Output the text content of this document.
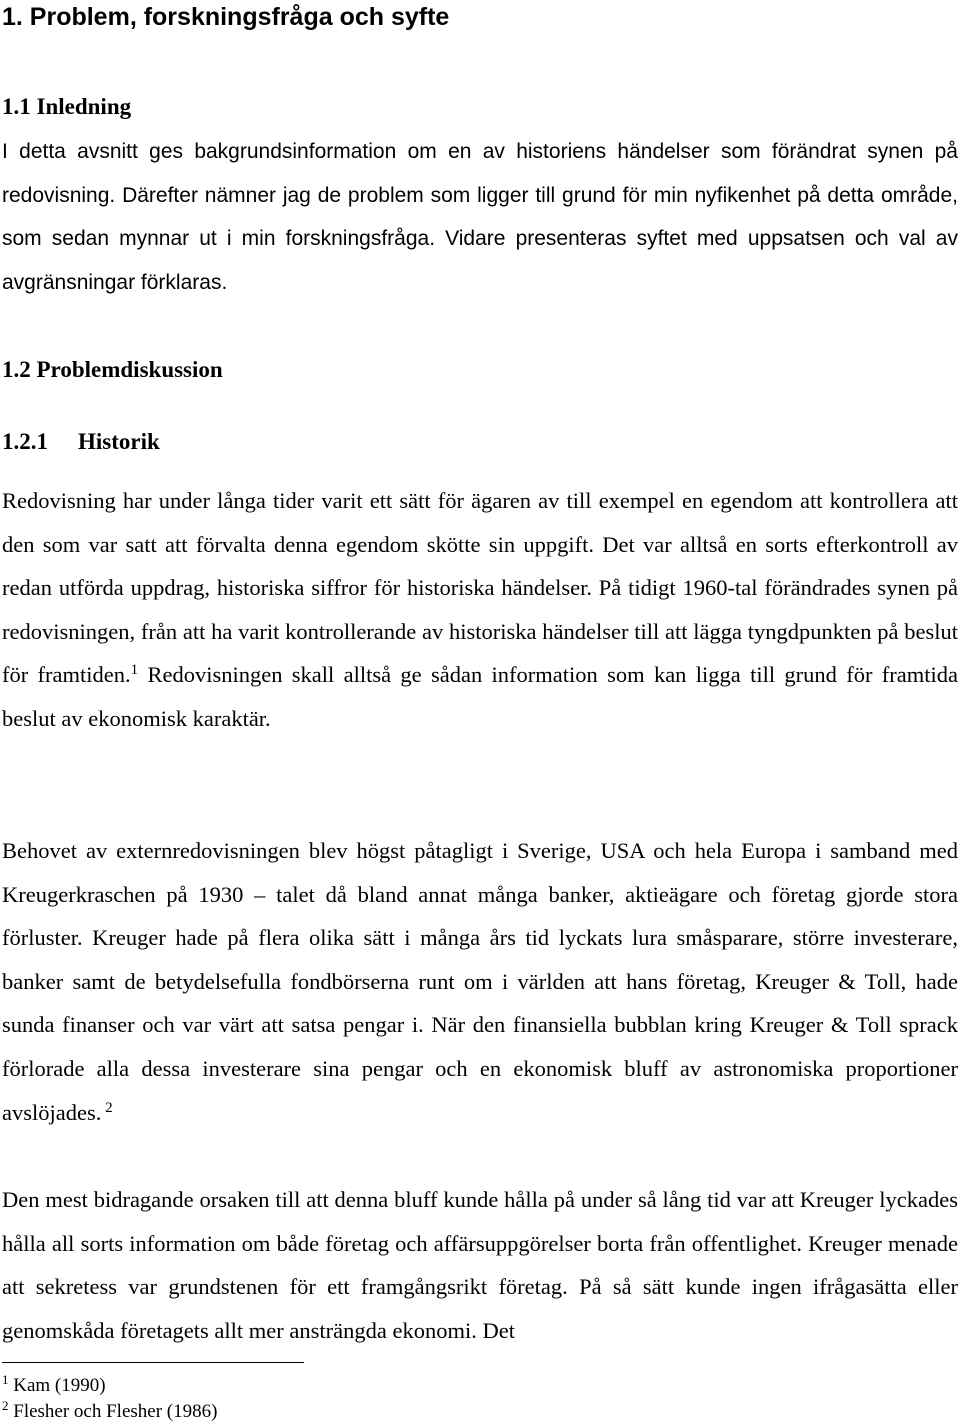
1. Problem, forskningsfråga och syfte
1.1 Inledning

I detta avsnitt ges bakgrundsinformation om en av historiens händelser som förändrat synen på redovisning. Därefter nämner jag de problem som ligger till grund för min nyfikenhet på detta område, som sedan mynnar ut i min forskningsfråga. Vidare presenteras syftet med uppsatsen och val av avgränsningar förklaras.

1.2 Problemdiskussion
1.2.1 Historik

Redovisning har under långa tider varit ett sätt för ägaren av till exempel en egendom att kontrollera att den som var satt att förvalta denna egendom skötte sin uppgift. Det var alltså en sorts efterkontroll av redan utförda uppdrag, historiska siffror för historiska händelser. På tidigt 1960-tal förändrades synen på redovisningen, från att ha varit kontrollerande av historiska händelser till att lägga tyngdpunkten på beslut för framtiden.$^1$ Redovisningen skall alltså ge sådan information som kan ligga till grund för framtida beslut av ekonomisk karaktär.

Behovet av externredovisningen blev högst påtagligt i Sverige, USA och hela Europa i samband med Kreugerkraschen på 1930 – talet då bland annat många banker, aktieägare och företag gjorde stora förluster. Kreuger hade på flera olika sätt i många års tid lyckats lura småsparare, större investerare, banker samt de betydelsefulla fondbörserna runt om i världen att hans företag, Kreuger & Toll, hade sunda finanser och var värt att satsa pengar i. När den finansiella bubblan kring Kreuger & Toll sprack förlorade alla dessa investerare sina pengar och en ekonomisk bluff av astronomiska proportioner avslöjades. $^2$

Den mest bidragande orsaken till att denna bluff kunde hålla på under så lång tid var att Kreuger lyckades hålla all sorts information om både företag och affärsuppgörelser borta från offentlighet. Kreuger menade att sekretess var grundstenen för ett framgångsrikt företag. På så sätt kunde ingen ifrågasätta eller genomskåda företagets allt mer ansträngda ekonomi. Det

$^1$ Kam (1990)
$^2$ Flesher och Flesher (1986)
